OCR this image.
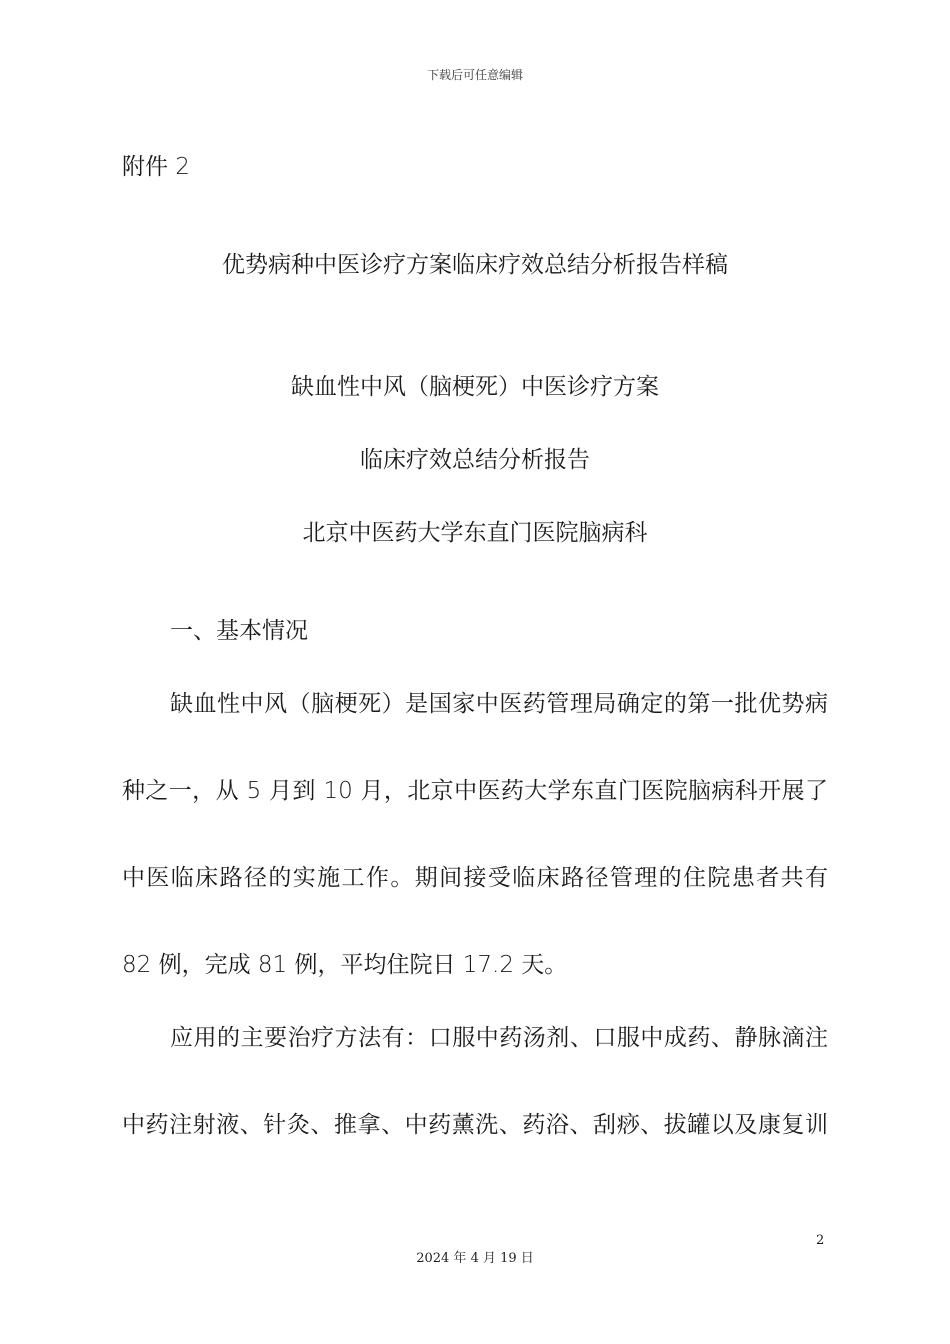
下载后可任意编辑
附件 2
优势病种中医诊疗方案临床疗效总结分析报告样稿
缺血性中风（脑梗死）中医诊疗方案
临床疗效总结分析报告
北京中医药大学东直门医院脑病科
一、基本情况
缺血性中风（脑梗死）是国家中医药管理局确定的第一批优势病
种之一，从 5 月到 10 月，北京中医药大学东直门医院脑病科开展了
中医临床路径的实施工作。期间接受临床路径管理的住院患者共有
82 例，完成 81 例，平均住院日 17.2 天。
应用的主要治疗方法有：口服中药汤剂、口服中成药、静脉滴注
中药注射液、针灸、推拿、中药薰洗、药浴、刮痧、拔罐以及康复训
2
2024 年 4 月 19 日
